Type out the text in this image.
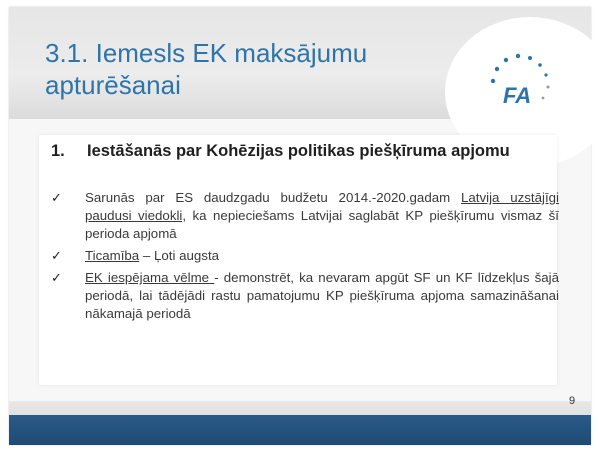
3.1. Iemesls EK maksājumu apturēšanai	FA
1.	Iestāšanās par Kohēzijas politikas piešķīruma apjomu
✓	Sarunās par ES daudzgadu budžetu 2014.-2020.gadam Latvija uzstājīgi paudusi viedokli, ka nepieciešams Latvijai saglabāt KP piešķīrumu vismaz šī perioda apjomā
✓	Ticamība – Ļoti augsta
✓	EK iespējama vēlme - demonstrēt, ka nevaram apgūt SF un KF līdzekļus šajā periodā, lai tādējādi rastu pamatojumu KP piešķīruma apjoma samazināšanai nākamajā periodā
9
